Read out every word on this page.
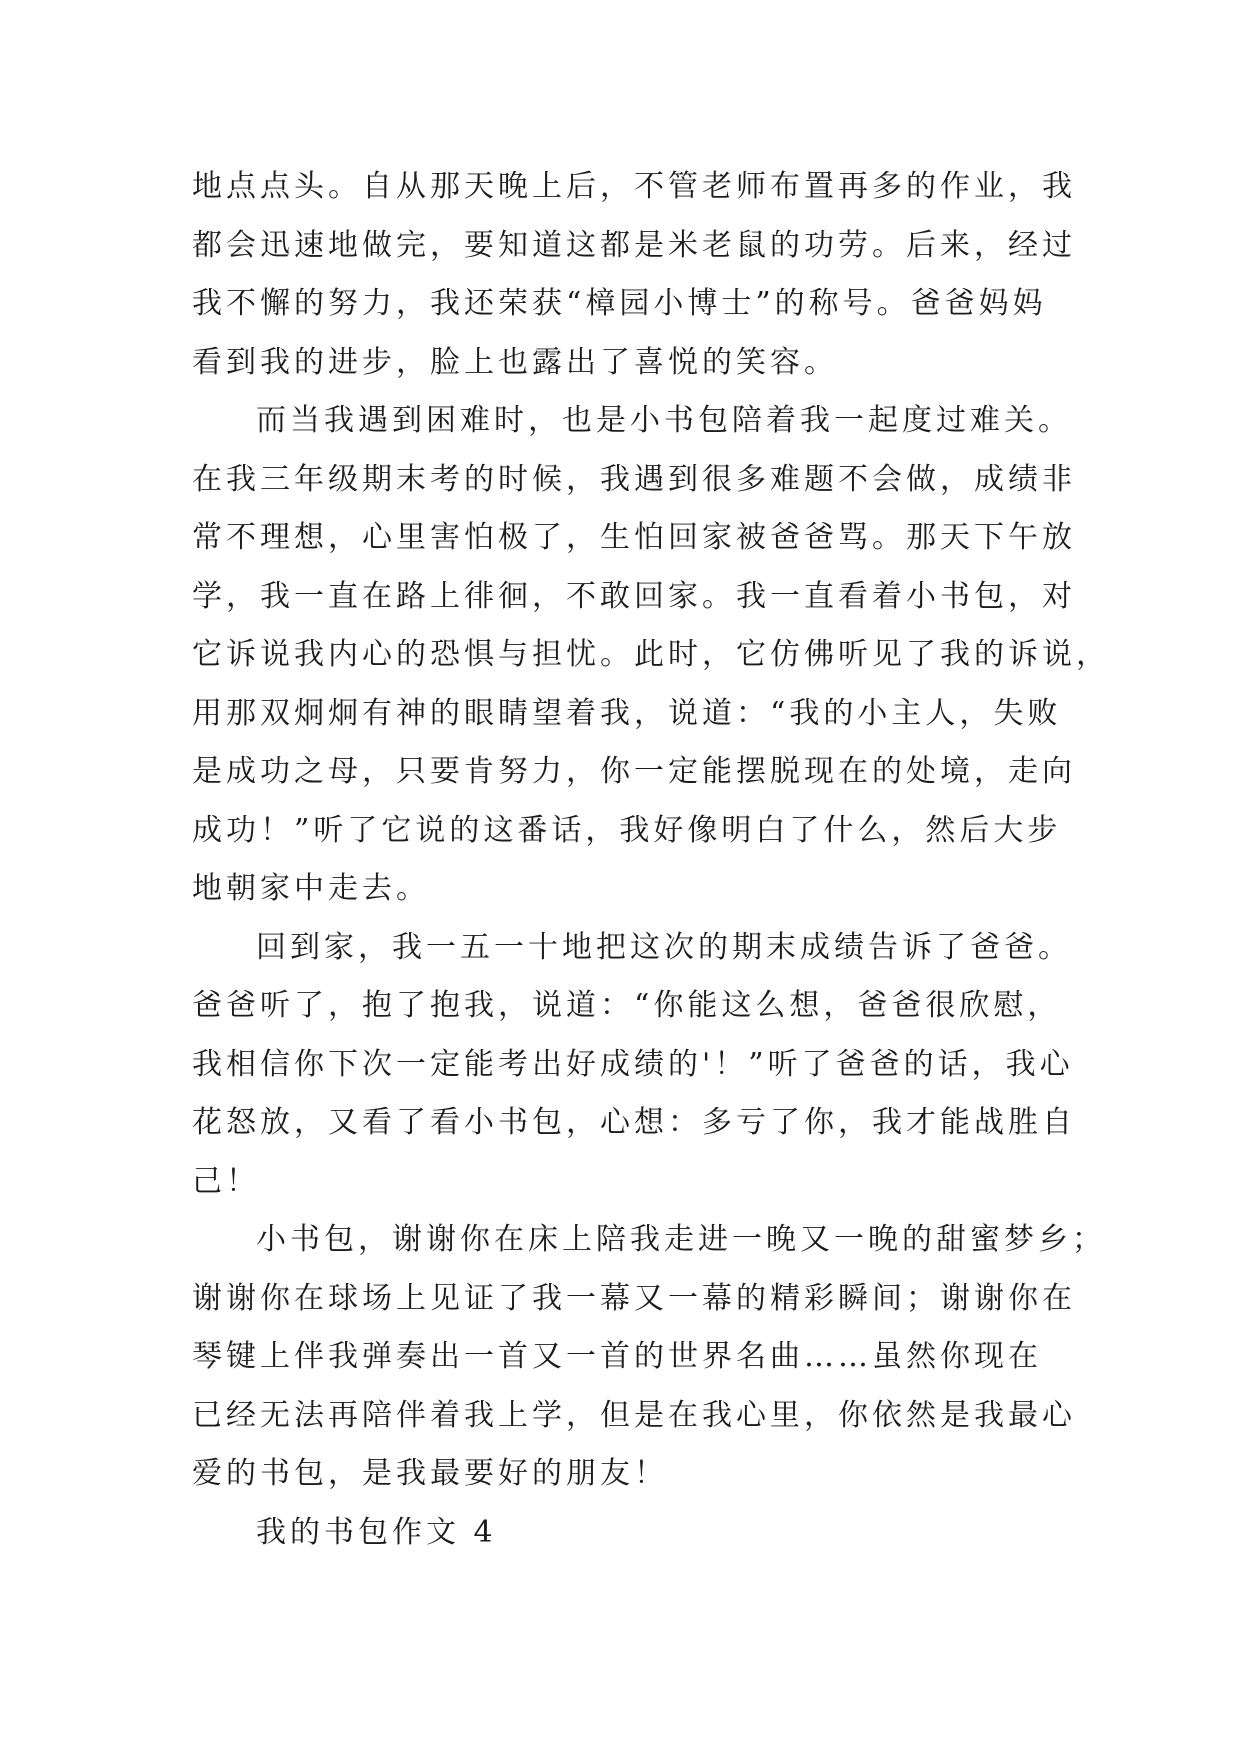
地点点头。自从那天晚上后，不管老师布置再多的作业，我
都会迅速地做完，要知道这都是米老鼠的功劳。后来，经过
我不懈的努力，我还荣获“樟园小博士”的称号。爸爸妈妈
看到我的进步，脸上也露出了喜悦的笑容。
而当我遇到困难时，也是小书包陪着我一起度过难关。
在我三年级期末考的时候，我遇到很多难题不会做，成绩非
常不理想，心里害怕极了，生怕回家被爸爸骂。那天下午放
学，我一直在路上徘徊，不敢回家。我一直看着小书包，对
它诉说我内心的恐惧与担忧。此时，它仿佛听见了我的诉说，
用那双炯炯有神的眼睛望着我，说道：“我的小主人，失败
是成功之母，只要肯努力，你一定能摆脱现在的处境，走向
成功！”听了它说的这番话，我好像明白了什么，然后大步
地朝家中走去。
回到家，我一五一十地把这次的期末成绩告诉了爸爸。
爸爸听了，抱了抱我，说道：“你能这么想，爸爸很欣慰，
我相信你下次一定能考出好成绩的'！”听了爸爸的话，我心
花怒放，又看了看小书包，心想：多亏了你，我才能战胜自
己！
小书包，谢谢你在床上陪我走进一晚又一晚的甜蜜梦乡；
谢谢你在球场上见证了我一幕又一幕的精彩瞬间；谢谢你在
琴键上伴我弹奏出一首又一首的世界名曲……虽然你现在
已经无法再陪伴着我上学，但是在我心里，你依然是我最心
爱的书包，是我最要好的朋友！
我的书包作文 4
